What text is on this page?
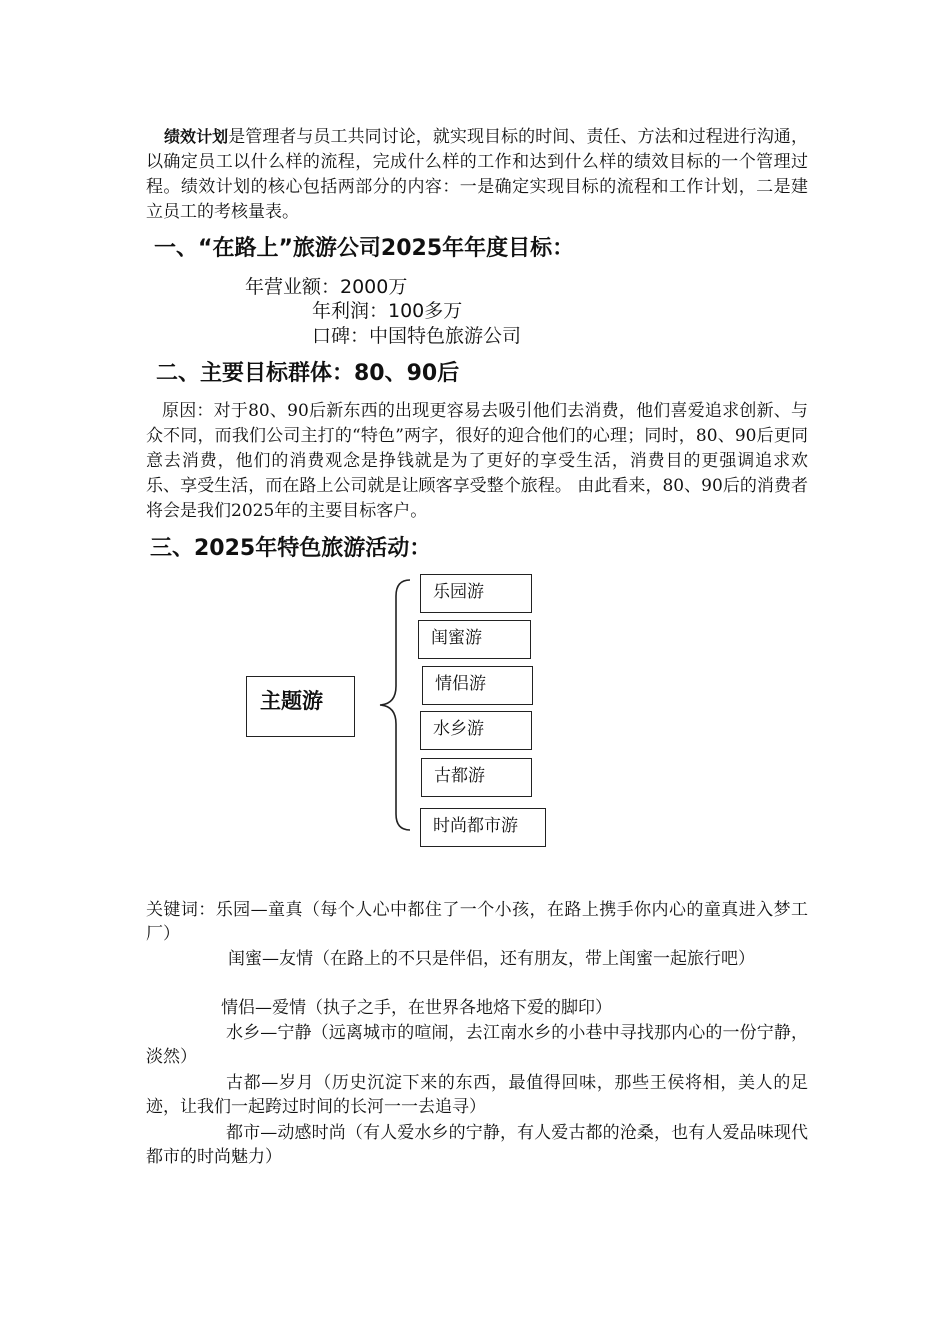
绩效计划是管理者与员工共同讨论，就实现目标的时间、责任、方法和过程进行沟通，以确定员工以什么样的流程，完成什么样的工作和达到什么样的绩效目标的一个管理过程。绩效计划的核心包括两部分的内容：一是确定实现目标的流程和工作计划，二是建立员工的考核量表。
一、“在路上”旅游公司2025年年度目标：
年营业额：2000万
年利润：100多万
口碑：中国特色旅游公司
二、主要目标群体：80、90后
原因：对于80、90后新东西的出现更容易去吸引他们去消费，他们喜爱追求创新、与众不同，而我们公司主打的“特色”两字，很好的迎合他们的心理；同时，80、90后更同意去消费，他们的消费观念是挣钱就是为了更好的享受生活，消费目的更强调追求欢乐、享受生活，而在路上公司就是让顾客享受整个旅程。 由此看来，80、90后的消费者将会是我们2025年的主要目标客户。
三、2025年特色旅游活动：
主题游
乐园游
闺蜜游
情侣游
水乡游
古都游
时尚都市游
关键词：乐园—童真（每个人心中都住了一个小孩，在路上携手你内心的童真进入梦工厂）
闺蜜—友情（在路上的不只是伴侣，还有朋友，带上闺蜜一起旅行吧）
情侣—爱情（执子之手，在世界各地烙下爱的脚印）
水乡—宁静（远离城市的喧闹，去江南水乡的小巷中寻找那内心的一份宁静，淡然）
古都—岁月（历史沉淀下来的东西，最值得回味，那些王侯将相，美人的足迹，让我们一起跨过时间的长河一一去追寻）
都市—动感时尚（有人爱水乡的宁静，有人爱古都的沧桑，也有人爱品味现代都市的时尚魅力）
